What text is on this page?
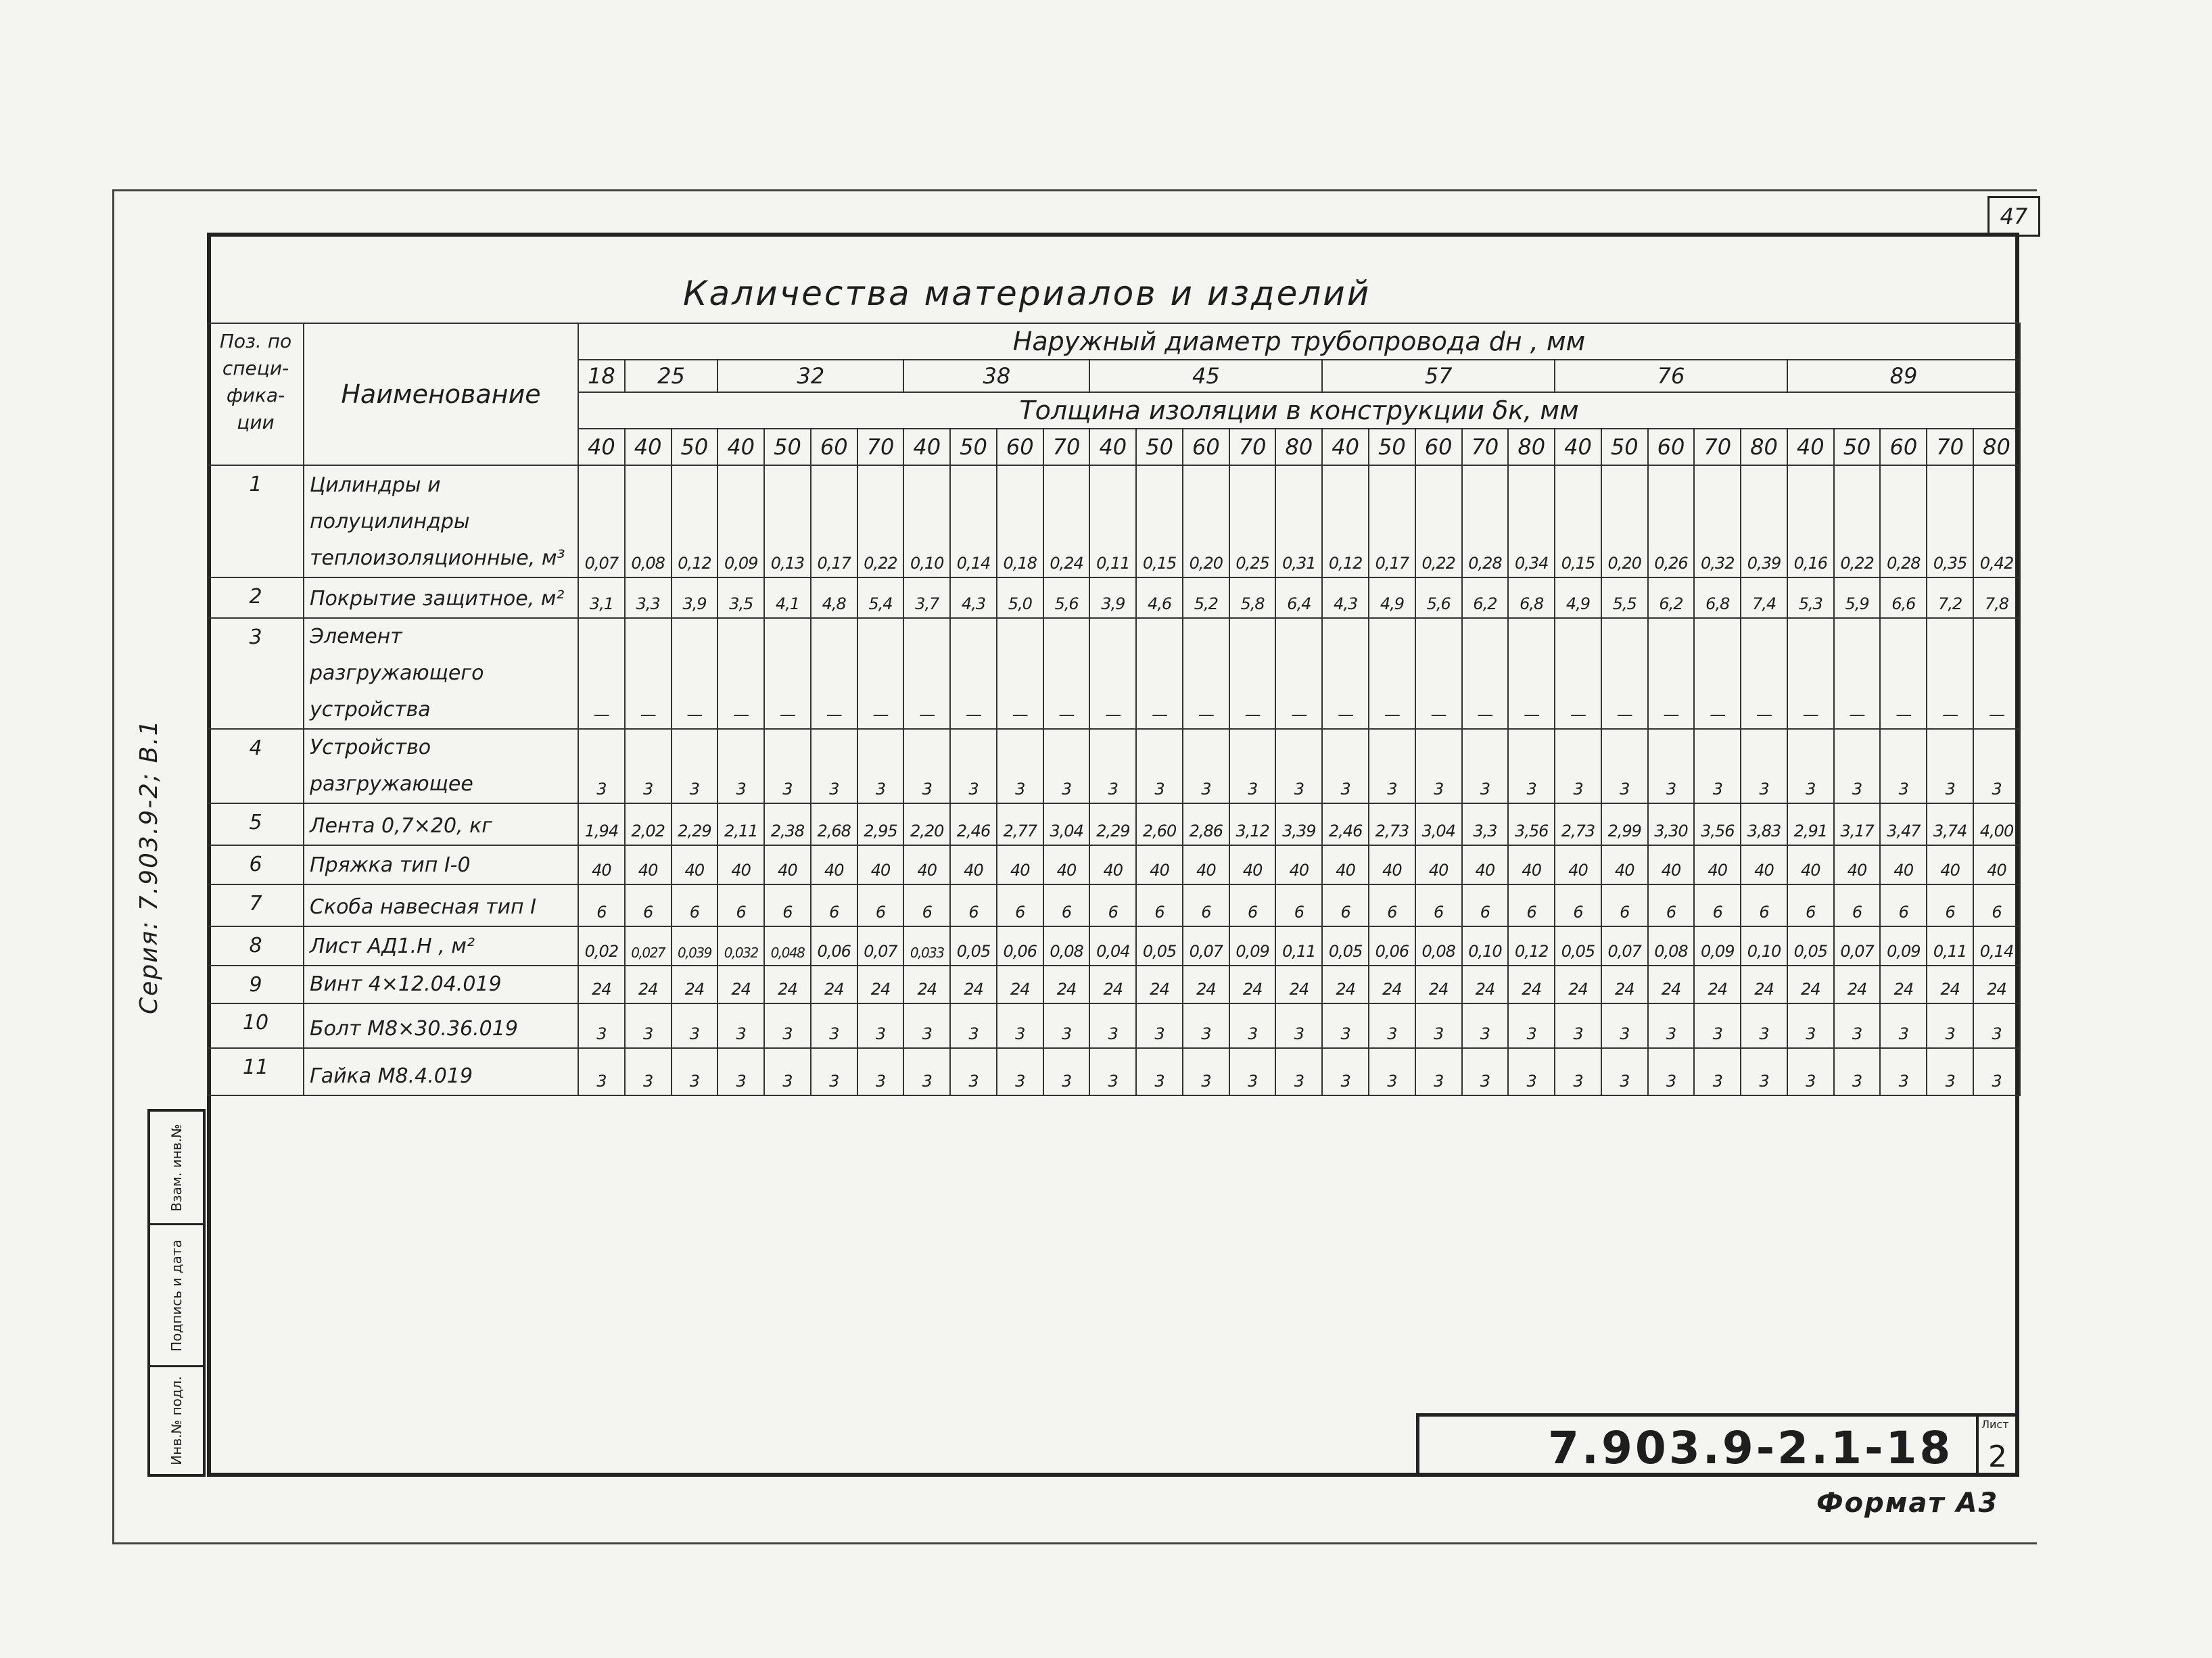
47
Каличества материалов и изделий
Поз. по специ- фика- ции	Наименование	Наружный диаметр трубопровода dн , мм																														
		18	25		32				38				45					57					76					89				
		Толщина изоляции в конструкции δк, мм																														
		40	40	50	40	50	60	70	40	50	60	70	40	50	60	70	80	40	50	60	70	80	40	50	60	70	80	40	50	60	70	80
1	Цилиндры и полуцилиндры теплоизоляционные, м³	0,07	0,08	0,12	0,09	0,13	0,17	0,22	0,10	0,14	0,18	0,24	0,11	0,15	0,20	0,25	0,31	0,12	0,17	0,22	0,28	0,34	0,15	0,20	0,26	0,32	0,39	0,16	0,22	0,28	0,35	0,42
2	Покрытие защитное, м²	3,1	3,3	3,9	3,5	4,1	4,8	5,4	3,7	4,3	5,0	5,6	3,9	4,6	5,2	5,8	6,4	4,3	4,9	5,6	6,2	6,8	4,9	5,5	6,2	6,8	7,4	5,3	5,9	6,6	7,2	7,8
3	Элемент разгружающего устройства	—	—	—	—	—	—	—	—	—	—	—	—	—	—	—	—	—	—	—	—	—	—	—	—	—	—	—	—	—	—	—
4	Устройство разгружающее	3	3	3	3	3	3	3	3	3	3	3	3	3	3	3	3	3	3	3	3	3	3	3	3	3	3	3	3	3	3	3
5	Лента 0,7×20, кг	1,94	2,02	2,29	2,11	2,38	2,68	2,95	2,20	2,46	2,77	3,04	2,29	2,60	2,86	3,12	3,39	2,46	2,73	3,04	3,3	3,56	2,73	2,99	3,30	3,56	3,83	2,91	3,17	3,47	3,74	4,00
6	Пряжка тип I-0	40	40	40	40	40	40	40	40	40	40	40	40	40	40	40	40	40	40	40	40	40	40	40	40	40	40	40	40	40	40	40
7	Скоба навесная тип I	6	6	6	6	6	6	6	6	6	6	6	6	6	6	6	6	6	6	6	6	6	6	6	6	6	6	6	6	6	6	6
8	Лист АД1.Н , м²	0,02	0,027	0,039	0,032	0,048	0,06	0,07	0,033	0,05	0,06	0,08	0,04	0,05	0,07	0,09	0,11	0,05	0,06	0,08	0,10	0,12	0,05	0,07	0,08	0,09	0,10	0,05	0,07	0,09	0,11	0,14
9	Винт 4×12.04.019	24	24	24	24	24	24	24	24	24	24	24	24	24	24	24	24	24	24	24	24	24	24	24	24	24	24	24	24	24	24	24
10	Болт М8×30.36.019	3	3	3	3	3	3	3	3	3	3	3	3	3	3	3	3	3	3	3	3	3	3	3	3	3	3	3	3	3	3	3
11	Гайка М8.4.019	3	3	3	3	3	3	3	3	3	3	3	3	3	3	3	3	3	3	3	3	3	3	3	3	3	3	3	3	3	3	3
Серия: 7.903.9-2; В.1
Взам. инв.№
Подпись и дата
Инв.№ подл.	7.903.9-2.1-18	Лист
2
Формат А3
